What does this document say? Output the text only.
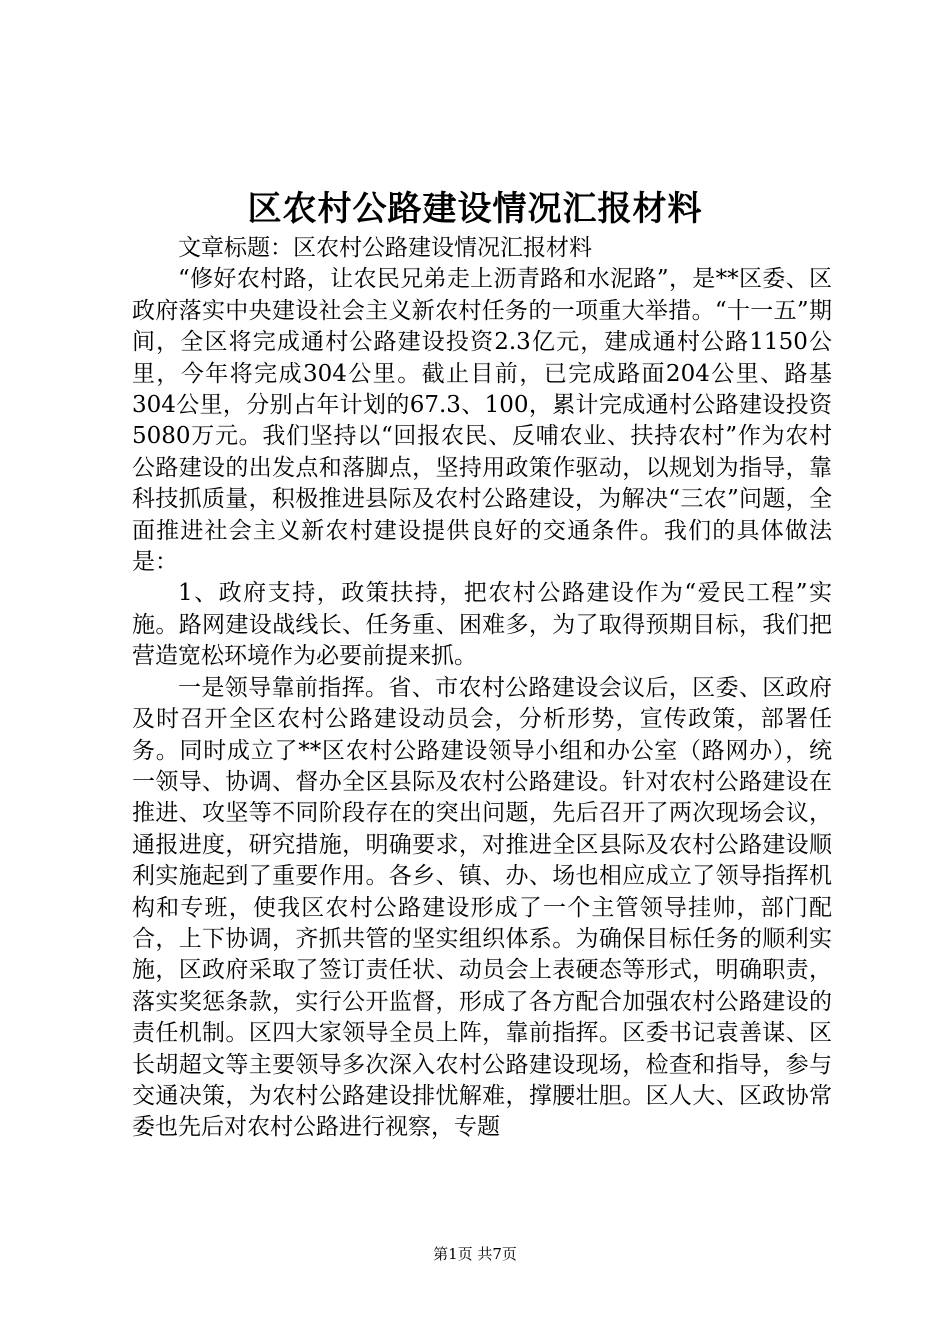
区农村公路建设情况汇报材料

文章标题：区农村公路建设情况汇报材料

“修好农村路，让农民兄弟走上沥青路和水泥路”，是**区委、区政府落实中央建设社会主义新农村任务的一项重大举措。“十一五”期间，全区将完成通村公路建设投资2.3亿元，建成通村公路1150公里，今年将完成304公里。截止目前，已完成路面204公里、路基304公里，分别占年计划的67.3、100，累计完成通村公路建设投资5080万元。我们坚持以“回报农民、反哺农业、扶持农村”作为农村公路建设的出发点和落脚点，坚持用政策作驱动，以规划为指导，靠科技抓质量，积极推进县际及农村公路建设，为解决“三农”问题，全面推进社会主义新农村建设提供良好的交通条件。我们的具体做法是：

1、政府支持，政策扶持，把农村公路建设作为“爱民工程”实施。路网建设战线长、任务重、困难多，为了取得预期目标，我们把营造宽松环境作为必要前提来抓。

一是领导靠前指挥。省、市农村公路建设会议后，区委、区政府及时召开全区农村公路建设动员会，分析形势，宣传政策，部署任务。同时成立了**区农村公路建设领导小组和办公室（路网办），统一领导、协调、督办全区县际及农村公路建设。针对农村公路建设在推进、攻坚等不同阶段存在的突出问题，先后召开了两次现场会议，通报进度，研究措施，明确要求，对推进全区县际及农村公路建设顺利实施起到了重要作用。各乡、镇、办、场也相应成立了领导指挥机构和专班，使我区农村公路建设形成了一个主管领导挂帅，部门配合，上下协调，齐抓共管的坚实组织体系。为确保目标任务的顺利实施，区政府采取了签订责任状、动员会上表硬态等形式，明确职责，落实奖惩条款，实行公开监督，形成了各方配合加强农村公路建设的责任机制。区四大家领导全员上阵，靠前指挥。区委书记袁善谋、区长胡超文等主要领导多次深入农村公路建设现场，检查和指导，参与交通决策，为农村公路建设排忧解难，撑腰壮胆。区人大、区政协常委也先后对农村公路进行视察，专题

第1页 共7页
